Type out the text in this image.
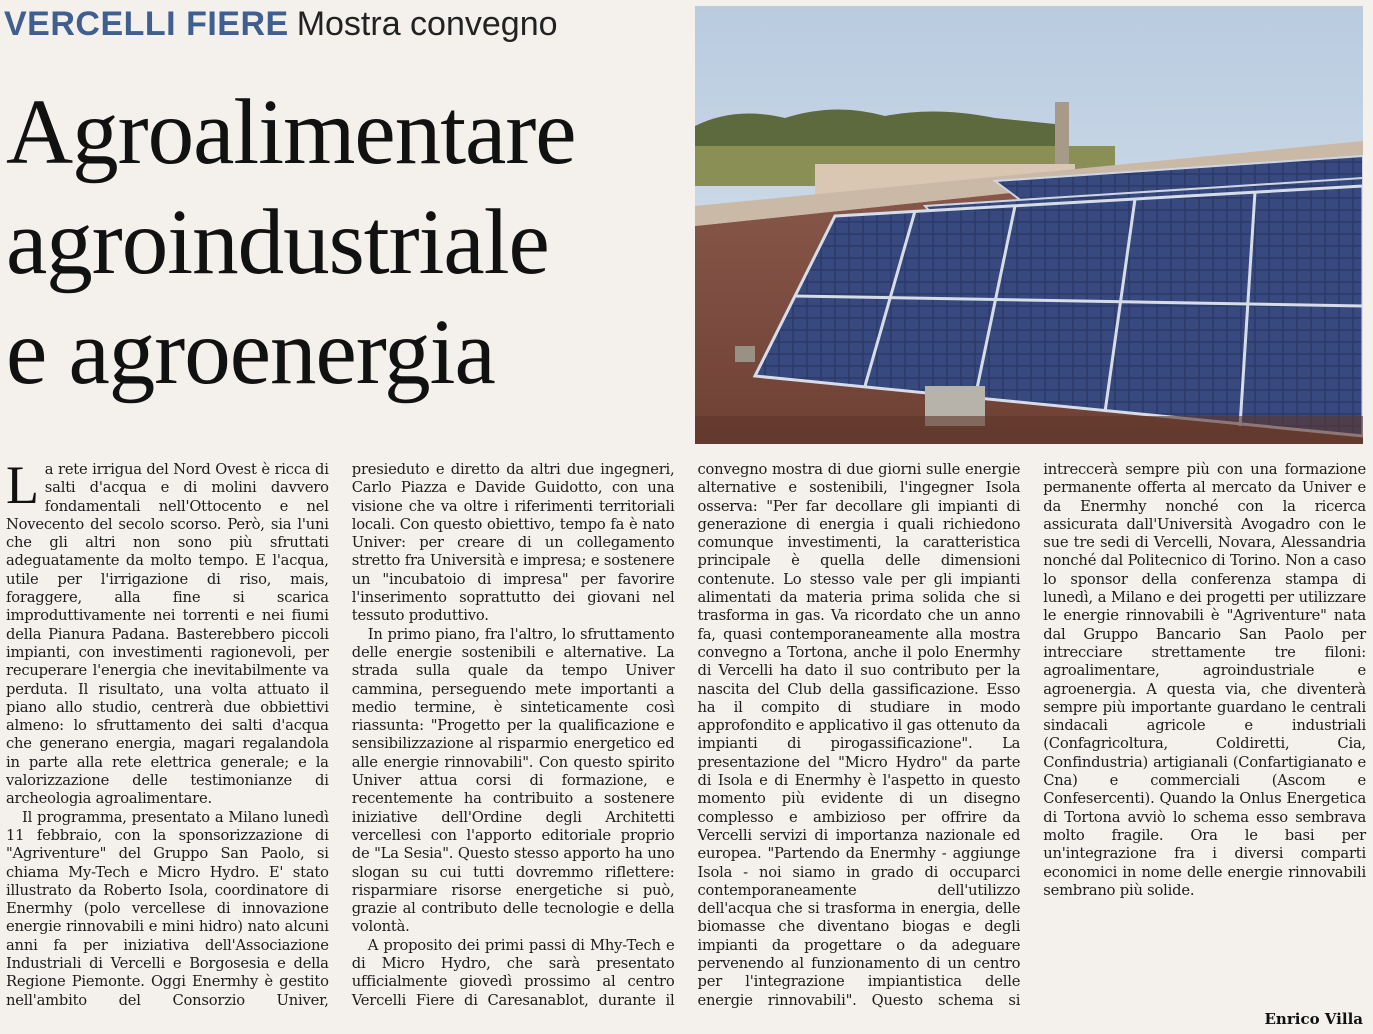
VERCELLI FIERE Mostra convegno
Agroalimentare
agroindustriale
e agroenergia

La rete irrigua del Nord Ovest è ricca di salti d'acqua e di molini davvero fondamentali nell'Ottocento e nel Novecento del secolo scorso. Però, sia l'uni che gli altri non sono più sfruttati adeguatamente da molto tempo. E l'acqua, utile per l'irrigazione di riso, mais, foraggere, alla fine si scarica improduttivamente nei torrenti e nei fiumi della Pianura Padana. Basterebbero piccoli impianti, con investimenti ragionevoli, per recuperare l'energia che inevitabilmente va perduta. Il risultato, una volta attuato il piano allo studio, centrerà due obbiettivi almeno: lo sfruttamento dei salti d'acqua che generano energia, magari regalandola in parte alla rete elettrica generale; e la valorizzazione delle testimonianze di archeologia agroalimentare.

Il programma, presentato a Milano lunedì 11 febbraio, con la sponsorizzazione di "Agriventure" del Gruppo San Paolo, si chiama My-Tech e Micro Hydro. E' stato illustrato da Roberto Isola, coordinatore di Enermhy (polo vercellese di innovazione energie rinnovabili e mini hidro) nato alcuni anni fa per iniziativa dell'Associazione Industriali di Vercelli e Borgosesia e della Regione Piemonte. Oggi Enermhy è gestito nell'ambito del Consorzio Univer, presieduto e diretto da altri due ingegneri, Carlo Piazza e Davide Guidotto, con una visione che va oltre i riferimenti territoriali locali. Con questo obiettivo, tempo fa è nato Univer: per creare di un collegamento stretto fra Università e impresa; e sostenere un "incubatoio di impresa" per favorire l'inserimento soprattutto dei giovani nel tessuto produttivo.

In primo piano, fra l'altro, lo sfruttamento delle energie sostenibili e alternative. La strada sulla quale da tempo Univer cammina, perseguendo mete importanti a medio termine, è sinteticamente così riassunta: "Progetto per la qualificazione e sensibilizzazione al risparmio energetico ed alle energie rinnovabili". Con questo spirito Univer attua corsi di formazione, e recentemente ha contribuito a sostenere iniziative dell'Ordine degli Architetti vercellesi con l'apporto editoriale proprio de "La Sesia". Questo stesso apporto ha uno slogan su cui tutti dovremmo riflettere: risparmiare risorse energetiche si può, grazie al contributo delle tecnologie e della volontà.

A proposito dei primi passi di Mhy-Tech e di Micro Hydro, che sarà presentato ufficialmente giovedì prossimo al centro Vercelli Fiere di Caresanablot, durante il convegno mostra di due giorni sulle energie alternative e sostenibili, l'ingegner Isola osserva: "Per far decollare gli impianti di generazione di energia i quali richiedono comunque investimenti, la caratteristica principale è quella delle dimensioni contenute. Lo stesso vale per gli impianti alimentati da materia prima solida che si trasforma in gas. Va ricordato che un anno fa, quasi contemporaneamente alla mostra convegno a Tortona, anche il polo Enermhy di Vercelli ha dato il suo contributo per la nascita del Club della gassificazione. Esso ha il compito di studiare in modo approfondito e applicativo il gas ottenuto da impianti di pirogassificazione". La presentazione del "Micro Hydro" da parte di Isola e di Enermhy è l'aspetto in questo momento più evidente di un disegno complesso e ambizioso per offrire da Vercelli servizi di importanza nazionale ed europea. "Partendo da Enermhy - aggiunge Isola - noi siamo in grado di occuparci contemporaneamente dell'utilizzo dell'acqua che si trasforma in energia, delle biomasse che diventano biogas e degli impianti da progettare o da adeguare pervenendo al funzionamento di un centro per l'integrazione impiantistica delle energie rinnovabili". Questo schema si intreccerà sempre più con una formazione permanente offerta al mercato da Univer e da Enermhy nonché con la ricerca assicurata dall'Università Avogadro con le sue tre sedi di Vercelli, Novara, Alessandria nonché dal Politecnico di Torino. Non a caso lo sponsor della conferenza stampa di lunedì, a Milano e dei progetti per utilizzare le energie rinnovabili è "Agriventure" nata dal Gruppo Bancario San Paolo per intrecciare strettamente tre filoni: agroalimentare, agroindustriale e agroenergia. A questa via, che diventerà sempre più importante guardano le centrali sindacali agricole e industriali (Confagricoltura, Coldiretti, Cia, Confindustria) artigianali (Confartigianato e Cna) e commerciali (Ascom e Confesercenti). Quando la Onlus Energetica di Tortona avviò lo schema esso sembrava molto fragile. Ora le basi per un'integrazione fra i diversi comparti economici in nome delle energie rinnovabili sembrano più solide.

Enrico Villa
